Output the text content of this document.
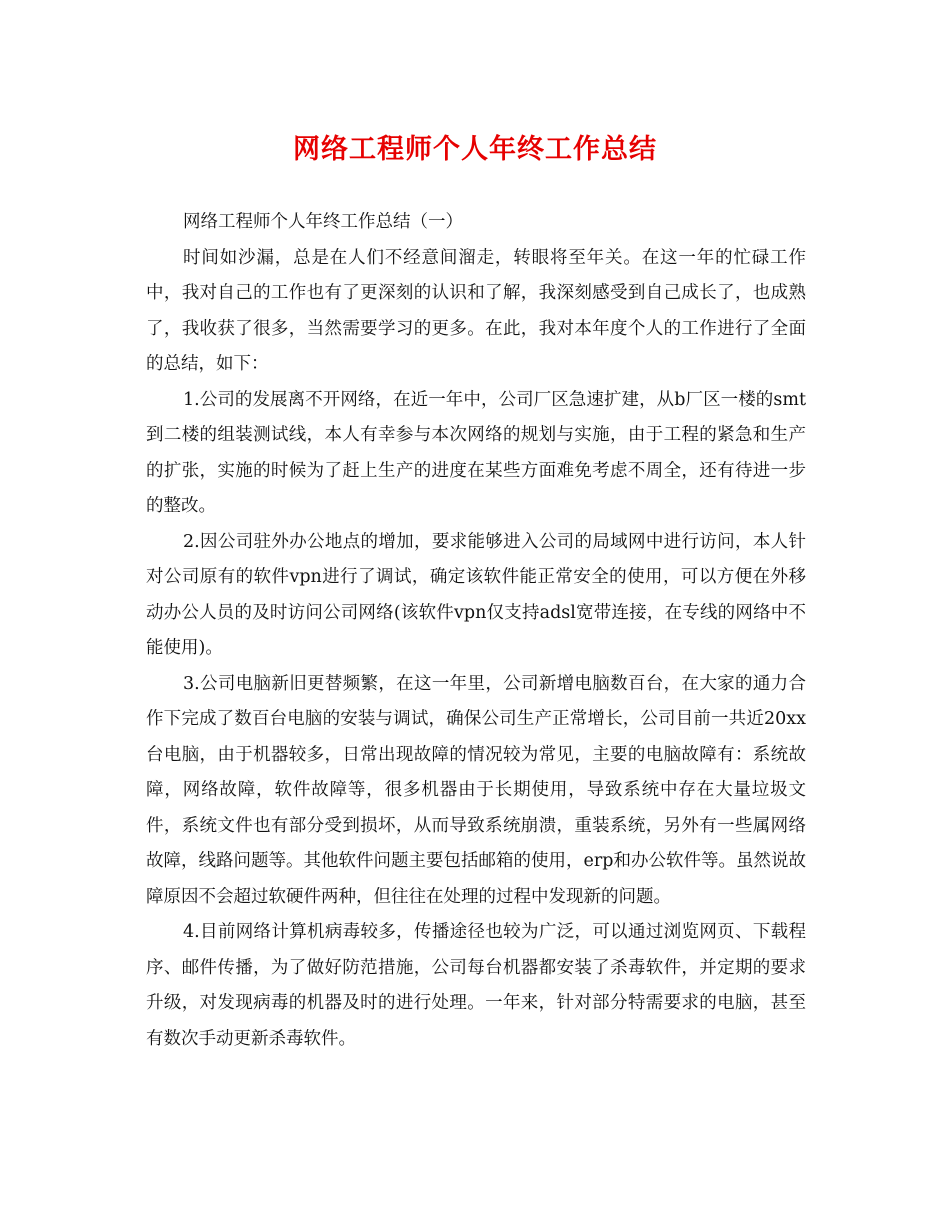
网络工程师个人年终工作总结

网络工程师个人年终工作总结（一）

时间如沙漏，总是在人们不经意间溜走，转眼将至年关。在这一年的忙碌工作中，我对自己的工作也有了更深刻的认识和了解，我深刻感受到自己成长了，也成熟了，我收获了很多，当然需要学习的更多。在此，我对本年度个人的工作进行了全面的总结，如下：

1.公司的发展离不开网络，在近一年中，公司厂区急速扩建，从b厂区一楼的smt到二楼的组装测试线，本人有幸参与本次网络的规划与实施，由于工程的紧急和生产的扩张，实施的时候为了赶上生产的进度在某些方面难免考虑不周全，还有待进一步的整改。

2.因公司驻外办公地点的增加，要求能够进入公司的局域网中进行访问，本人针对公司原有的软件vpn进行了调试，确定该软件能正常安全的使用，可以方便在外移动办公人员的及时访问公司网络(该软件vpn仅支持adsl宽带连接，在专线的网络中不能使用)。

3.公司电脑新旧更替频繁，在这一年里，公司新增电脑数百台，在大家的通力合作下完成了数百台电脑的安装与调试，确保公司生产正常增长，公司目前一共近20xx台电脑，由于机器较多，日常出现故障的情况较为常见，主要的电脑故障有：系统故障，网络故障，软件故障等，很多机器由于长期使用，导致系统中存在大量垃圾文件，系统文件也有部分受到损坏，从而导致系统崩溃，重装系统，另外有一些属网络故障，线路问题等。其他软件问题主要包括邮箱的使用，erp和办公软件等。虽然说故障原因不会超过软硬件两种，但往往在处理的过程中发现新的问题。

4.目前网络计算机病毒较多，传播途径也较为广泛，可以通过浏览网页、下载程序、邮件传播，为了做好防范措施，公司每台机器都安装了杀毒软件，并定期的要求升级，对发现病毒的机器及时的进行处理。一年来，针对部分特需要求的电脑，甚至有数次手动更新杀毒软件。
